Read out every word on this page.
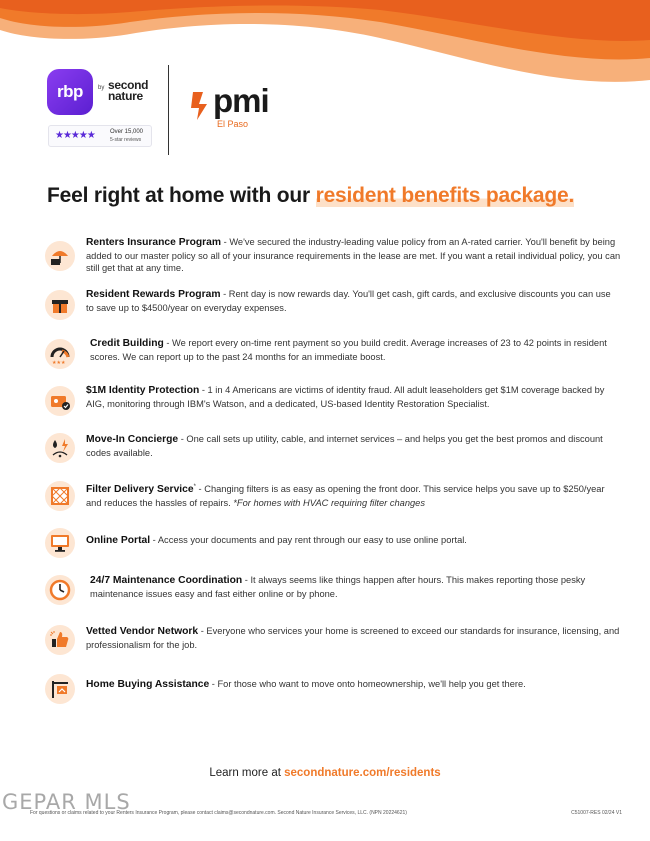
rbp	by second
nature
★★★★★	Over 15,000
5-star reviews
pmi
El Paso
Feel right at home with our resident benefits package.

Renters Insurance Program - We've secured the industry-leading value policy from an A-rated carrier. You'll benefit by being added to our master policy so all of your insurance requirements in the lease are met. If you want a retail individual policy, you can still get that at any time.

Resident Rewards Program - Rent day is now rewards day. You'll get cash, gift cards, and exclusive discounts you can use to save up to $4500/year on everyday expenses.

★★★

Credit Building - We report every on-time rent payment so you build credit. Average increases of 23 to 42 points in resident scores. We can report up to the past 24 months for an immediate boost.

$1M Identity Protection - 1 in 4 Americans are victims of identity fraud. All adult leaseholders get $1M coverage backed by AIG, monitoring through IBM's Watson, and a dedicated, US-based Identity Restoration Specialist.

Move-In Concierge - One call sets up utility, cable, and internet services – and helps you get the best promos and discount codes available.

Filter Delivery Service* - Changing filters is as easy as opening the front door. This service helps you save up to $250/year and reduces the hassles of repairs. *For homes with HVAC requiring filter changes

Online Portal - Access your documents and pay rent through our easy to use online portal.

24/7 Maintenance Coordination - It always seems like things happen after hours. This makes reporting those pesky maintenance issues easy and fast either online or by phone.

Vetted Vendor Network - Everyone who services your home is screened to exceed our standards for insurance, licensing, and professionalism for the job.

Home Buying Assistance - For those who want to move onto homeownership, we'll help you get there.

Learn more at secondnature.com/residents

GEPAR MLS

For questions or claims related to your Renters Insurance Program, please contact claims@secondnature.com. Second Nature Insurance Services, LLC. (NPN 20224621)	C51007-RES 02/24 V1
